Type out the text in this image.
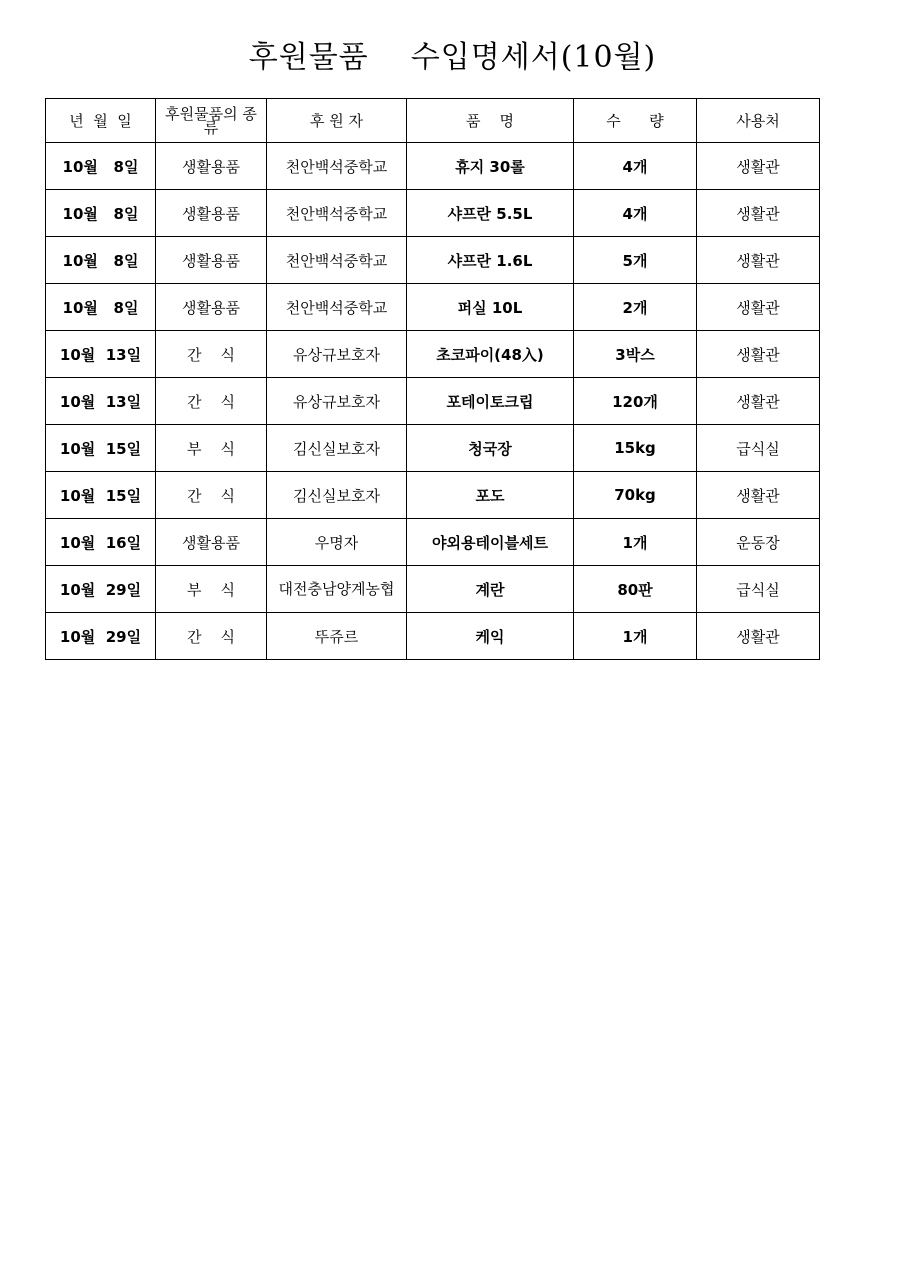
후원물품    수입명세서(10월)
년  월  일	후원물품의 종류	후 원 자	품    명	수      량	사용처
10월   8일	생활용품	천안백석중학교	휴지 30롤	4개	생활관
10월   8일	생활용품	천안백석중학교	샤프란 5.5L	4개	생활관
10월   8일	생활용품	천안백석중학교	샤프란 1.6L	5개	생활관
10월   8일	생활용품	천안백석중학교	퍼실 10L	2개	생활관
10월  13일	간    식	유상규보호자	초코파이(48入)	3박스	생활관
10월  13일	간    식	유상규보호자	포테이토크립	120개	생활관
10월  15일	부    식	김신실보호자	청국장	15kg	급식실
10월  15일	간    식	김신실보호자	포도	70kg	생활관
10월  16일	생활용품	우명자	야외용테이블세트	1개	운동장
10월  29일	부    식	대전충남양계농협	계란	80판	급식실
10월  29일	간    식	뚜쥬르	케익	1개	생활관
